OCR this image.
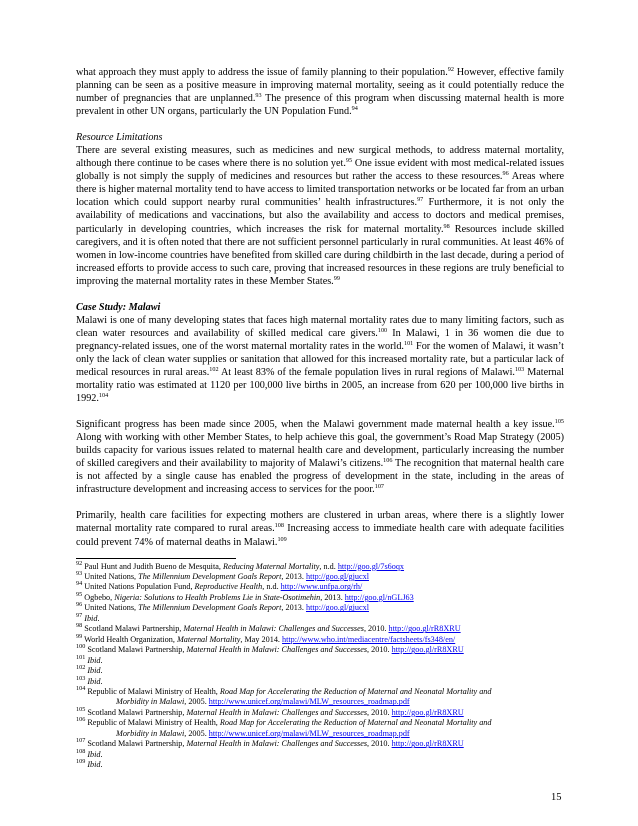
what approach they must apply to address the issue of family planning to their population.$^{92}$ However, effective family planning can be seen as a positive measure in improving maternal mortality, seeing as it could potentially reduce the number of pregnancies that are unplanned.$^{93}$ The presence of this program when discussing maternal health is more prevalent in other UN organs, particularly the UN Population Fund.$^{94}$

Resource Limitations

There are several existing measures, such as medicines and new surgical methods, to address maternal mortality, although there continue to be cases where there is no solution yet.$^{95}$ One issue evident with most medical-related issues globally is not simply the supply of medicines and resources but rather the access to these resources.$^{96}$ Areas where there is higher maternal mortality tend to have access to limited transportation networks or be located far from an urban location which could support nearby rural communities’ health infrastructures.$^{97}$ Furthermore, it is not only the availability of medications and vaccinations, but also the availability and access to doctors and medical premises, particularly in developing countries, which increases the risk for maternal mortality.$^{98}$ Resources include skilled caregivers, and it is often noted that there are not sufficient personnel particularly in rural communities. At least 46% of women in low-income countries have benefited from skilled care during childbirth in the last decade, during a period of increased efforts to provide access to such care, proving that increased resources in these regions are truly beneficial to improving the maternal mortality rates in these Member States.$^{99}$

Case Study: Malawi

Malawi is one of many developing states that faces high maternal mortality rates due to many limiting factors, such as clean water resources and availability of skilled medical care givers.$^{100}$ In Malawi, 1 in 36 women die due to pregnancy-related issues, one of the worst maternal mortality rates in the world.$^{101}$ For the women of Malawi, it wasn’t only the lack of clean water supplies or sanitation that allowed for this increased mortality rate, but a particular lack of medical resources in rural areas.$^{102}$ At least 83% of the female population lives in rural regions of Malawi.$^{103}$ Maternal mortality ratio was estimated at 1120 per 100,000 live births in 2005, an increase from 620 per 100,000 live births in 1992.$^{104}$

Significant progress has been made since 2005, when the Malawi government made maternal health a key issue.$^{105}$ Along with working with other Member States, to help achieve this goal, the government’s Road Map Strategy (2005) builds capacity for various issues related to maternal health care and development, particularly increasing the number of skilled caregivers and their availability to majority of Malawi’s citizens.$^{106}$ The recognition that maternal health care is not affected by a single cause has enabled the progress of development in the state, including in the areas of infrastructure development and increasing access to services for the poor.$^{107}$

Primarily, health care facilities for expecting mothers are clustered in urban areas, where there is a slightly lower maternal mortality rate compared to rural areas.$^{108}$ Increasing access to immediate health care with adequate facilities could prevent 74% of maternal deaths in Malawi.$^{109}$

$^{92}$ Paul Hunt and Judith Bueno de Mesquita, Reducing Maternal Mortality, n.d. http://goo.gl/7s6oqx
$^{93}$ United Nations, The Millennium Development Goals Report, 2013. http://goo.gl/gjucxl
$^{94}$ United Nations Population Fund, Reproductive Health, n.d. http://www.unfpa.org/rh/
$^{95}$ Ogbebo, Nigeria: Solutions to Health Problems Lie in State-Osotimehin, 2013. http://goo.gl/nGLJ63
$^{96}$ United Nations, The Millennium Development Goals Report, 2013. http://goo.gl/gjucxl
$^{97}$ Ibid.
$^{98}$ Scotland Malawi Partnership, Maternal Health in Malawi: Challenges and Successes, 2010. http://goo.gl/rR8XRU
$^{99}$ World Health Organization, Maternal Mortality, May 2014. http://www.who.int/mediacentre/factsheets/fs348/en/
$^{100}$ Scotland Malawi Partnership, Maternal Health in Malawi: Challenges and Successes, 2010. http://goo.gl/rR8XRU
$^{101}$ Ibid.
$^{102}$ Ibid.
$^{103}$ Ibid.
$^{104}$ Republic of Malawi Ministry of Health, Road Map for Accelerating the Reduction of Maternal and Neonatal Mortality and
Morbidity in Malawi, 2005. http://www.unicef.org/malawi/MLW_resources_roadmap.pdf
$^{105}$ Scotland Malawi Partnership, Maternal Health in Malawi: Challenges and Successes, 2010. http://goo.gl/rR8XRU
$^{106}$ Republic of Malawi Ministry of Health, Road Map for Accelerating the Reduction of Maternal and Neonatal Mortality and
Morbidity in Malawi, 2005. http://www.unicef.org/malawi/MLW_resources_roadmap.pdf
$^{107}$ Scotland Malawi Partnership, Maternal Health in Malawi: Challenges and Successes, 2010. http://goo.gl/rR8XRU
$^{108}$ Ibid.
$^{109}$ Ibid.
15
